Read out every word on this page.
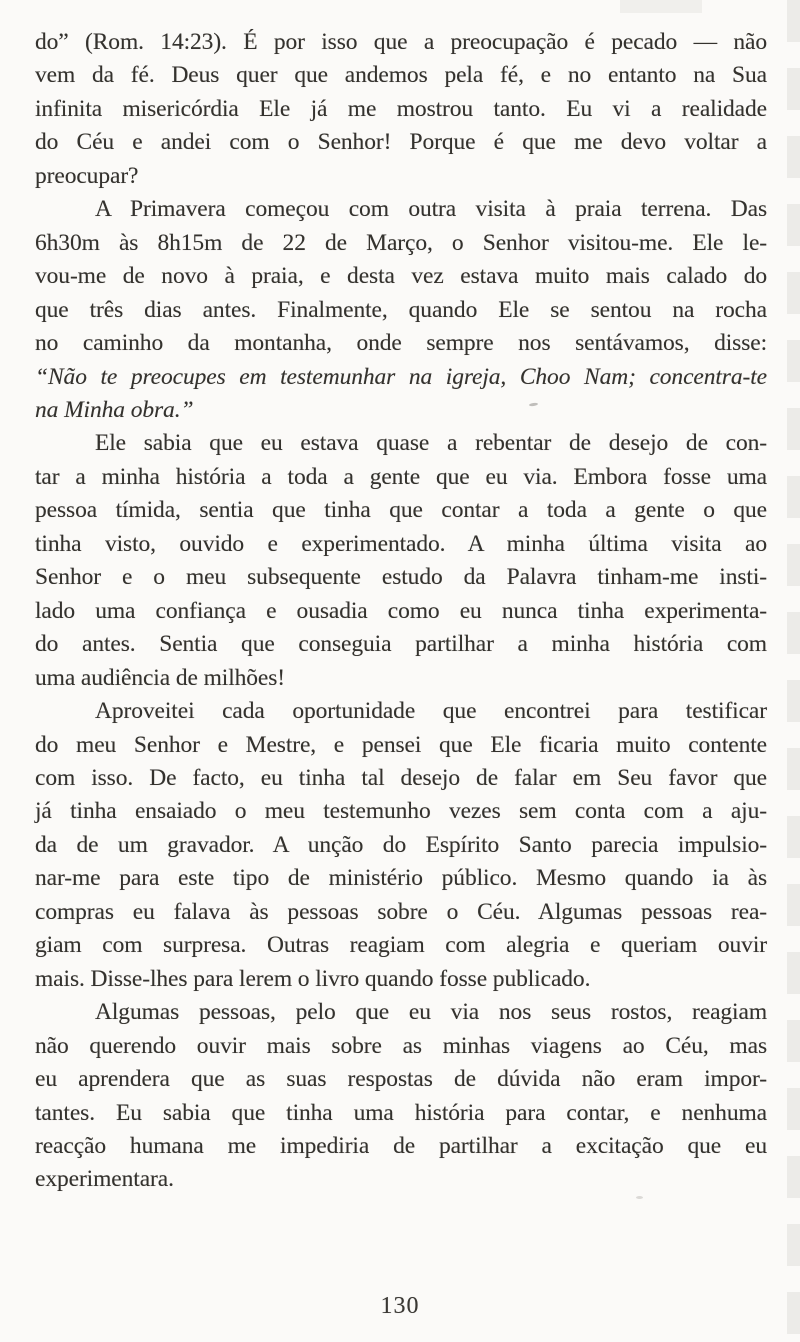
do” (Rom. 14:23). É por isso que a preocupação é pecado — não
vem da fé. Deus quer que andemos pela fé, e no entanto na Sua
infinita misericórdia Ele já me mostrou tanto. Eu vi a realidade
do Céu e andei com o Senhor! Porque é que me devo voltar a
preocupar?
A Primavera começou com outra visita à praia terrena. Das
6h30m às 8h15m de 22 de Março, o Senhor visitou-me. Ele le-
vou-me de novo à praia, e desta vez estava muito mais calado do
que três dias antes. Finalmente, quando Ele se sentou na rocha
no caminho da montanha, onde sempre nos sentávamos, disse:
“Não te preocupes em testemunhar na igreja, Choo Nam; concentra-te
na Minha obra.”
Ele sabia que eu estava quase a rebentar de desejo de con-
tar a minha história a toda a gente que eu via. Embora fosse uma
pessoa tímida, sentia que tinha que contar a toda a gente o que
tinha visto, ouvido e experimentado. A minha última visita ao
Senhor e o meu subsequente estudo da Palavra tinham-me insti-
lado uma confiança e ousadia como eu nunca tinha experimenta-
do antes. Sentia que conseguia partilhar a minha história com
uma audiência de milhões!
Aproveitei cada oportunidade que encontrei para testificar
do meu Senhor e Mestre, e pensei que Ele ficaria muito contente
com isso. De facto, eu tinha tal desejo de falar em Seu favor que
já tinha ensaiado o meu testemunho vezes sem conta com a aju-
da de um gravador. A unção do Espírito Santo parecia impulsio-
nar-me para este tipo de ministério público. Mesmo quando ia às
compras eu falava às pessoas sobre o Céu. Algumas pessoas rea-
giam com surpresa. Outras reagiam com alegria e queriam ouvir
mais. Disse-lhes para lerem o livro quando fosse publicado.
Algumas pessoas, pelo que eu via nos seus rostos, reagiam
não querendo ouvir mais sobre as minhas viagens ao Céu, mas
eu aprendera que as suas respostas de dúvida não eram impor-
tantes. Eu sabia que tinha uma história para contar, e nenhuma
reacção humana me impediria de partilhar a excitação que eu
experimentara.
130
